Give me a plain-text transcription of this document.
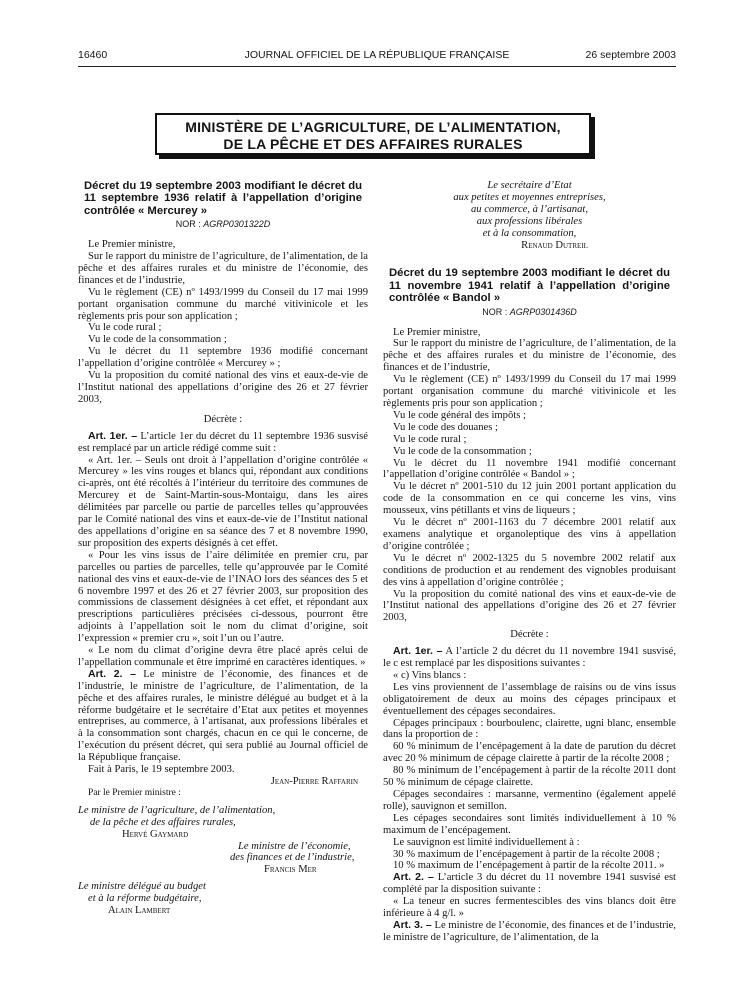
16460	JOURNAL OFFICIEL DE LA RÉPUBLIQUE FRANÇAISE	26 septembre 2003
MINISTÈRE DE L’AGRICULTURE, DE L’ALIMENTATION,
DE LA PÊCHE ET DES AFFAIRES RURALES

Décret du 19 septembre 2003 modifiant le décret du 11 septembre 1936 relatif à l’appellation d’origine contrôlée « Mercurey »

NOR : AGRP0301322D

Le Premier ministre,

Sur le rapport du ministre de l’agriculture, de l’alimentation, de la pêche et des affaires rurales et du ministre de l’économie, des finances et de l’industrie,

Vu le règlement (CE) nº 1493/1999 du Conseil du 17 mai 1999 portant organisation commune du marché vitivinicole et les règlements pris pour son application ;

Vu le code rural ;

Vu le code de la consommation ;

Vu le décret du 11 septembre 1936 modifié concernant l’appellation d’origine contrôlée « Mercurey » ;

Vu la proposition du comité national des vins et eaux-de-vie de l’Institut national des appellations d’origine des 26 et 27 février 2003,

Décrète :

Art. 1er. – L’article 1er du décret du 11 septembre 1936 susvisé est remplacé par un article rédigé comme suit :

« Art. 1er. – Seuls ont droit à l’appellation d’origine contrôlée « Mercurey » les vins rouges et blancs qui, répondant aux conditions ci-après, ont été récoltés à l’intérieur du territoire des communes de Mercurey et de Saint-Martin-sous-Montaigu, dans les aires délimitées par parcelle ou partie de parcelles telles qu’approuvées par le Comité national des vins et eaux-de-vie de l’Institut national des appellations d’origine en sa séance des 7 et 8 novembre 1990, sur proposition des experts désignés à cet effet.

« Pour les vins issus de l’aire délimitée en premier cru, par parcelles ou parties de parcelles, telle qu’approuvée par le Comité national des vins et eaux-de-vie de l’INAO lors des séances des 5 et 6 novembre 1997 et des 26 et 27 février 2003, sur proposition des commissions de classement désignées à cet effet, et répondant aux prescriptions particulières précisées ci-dessous, pourront être adjoints à l’appellation soit le nom du climat d’origine, soit l’expression « premier cru », soit l’un ou l’autre.

« Le nom du climat d’origine devra être placé après celui de l’appellation communale et être imprimé en caractères identiques. »

Art. 2. – Le ministre de l’économie, des finances et de l’industrie, le ministre de l’agriculture, de l’alimentation, de la pêche et des affaires rurales, le ministre délégué au budget et à la réforme budgétaire et le secrétaire d’Etat aux petites et moyennes entreprises, au commerce, à l’artisanat, aux professions libérales et à la consommation sont chargés, chacun en ce qui le concerne, de l’exécution du présent décret, qui sera publié au Journal officiel de la République française.

Fait à Paris, le 19 septembre 2003.

Jean-Pierre Raffarin

Par le Premier ministre :

Le ministre de l’agriculture, de l’alimentation,

de la pêche et des affaires rurales,

Hervé Gaymard

Le ministre de l’économie,

des finances et de l’industrie,

Francis Mer

Le ministre délégué au budget

et à la réforme budgétaire,

Alain Lambert

Le secrétaire d’Etat

aux petites et moyennes entreprises,

au commerce, à l’artisanat,

aux professions libérales

et à la consommation,

Renaud Dutreil

Décret du 19 septembre 2003 modifiant le décret du 11 novembre 1941 relatif à l’appellation d’origine contrôlée « Bandol »

NOR : AGRP0301436D

Le Premier ministre,

Sur le rapport du ministre de l’agriculture, de l’alimentation, de la pêche et des affaires rurales et du ministre de l’économie, des finances et de l’industrie,

Vu le règlement (CE) nº 1493/1999 du Conseil du 17 mai 1999 portant organisation commune du marché vitivinicole et les règlements pris pour son application ;

Vu le code général des impôts ;

Vu le code des douanes ;

Vu le code rural ;

Vu le code de la consommation ;

Vu le décret du 11 novembre 1941 modifié concernant l’appellation d’origine contrôlée « Bandol » ;

Vu le décret nº 2001-510 du 12 juin 2001 portant application du code de la consommation en ce qui concerne les vins, vins mousseux, vins pétillants et vins de liqueurs ;

Vu le décret nº 2001-1163 du 7 décembre 2001 relatif aux examens analytique et organoleptique des vins à appellation d’origine contrôlée ;

Vu le décret nº 2002-1325 du 5 novembre 2002 relatif aux conditions de production et au rendement des vignobles produisant des vins à appellation d’origine contrôlée ;

Vu la proposition du comité national des vins et eaux-de-vie de l’Institut national des appellations d’origine des 26 et 27 février 2003,

Décrète :

Art. 1er. – A l’article 2 du décret du 11 novembre 1941 susvisé, le c est remplacé par les dispositions suivantes :

« c) Vins blancs :

Les vins proviennent de l’assemblage de raisins ou de vins issus obligatoirement de deux au moins des cépages principaux et éventuellement des cépages secondaires.

Cépages principaux : bourboulenc, clairette, ugni blanc, ensemble dans la proportion de :

60 % minimum de l’encépagement à la date de parution du décret avec 20 % minimum de cépage clairette à partir de la récolte 2008 ;

80 % minimum de l’encépagement à partir de la récolte 2011 dont 50 % minimum de cépage clairette.

Cépages secondaires : marsanne, vermentino (également appelé rolle), sauvignon et semillon.

Les cépages secondaires sont limités individuellement à 10 % maximum de l’encépagement.

Le sauvignon est limité individuellement à :

30 % maximum de l’encépagement à partir de la récolte 2008 ;

10 % maximum de l’encépagement à partir de la récolte 2011. »

Art. 2. – L’article 3 du décret du 11 novembre 1941 susvisé est complété par la disposition suivante :

« La teneur en sucres fermentescibles des vins blancs doit être inférieure à 4 g/l. »

Art. 3. – Le ministre de l’économie, des finances et de l’industrie, le ministre de l’agriculture, de l’alimentation, de la
